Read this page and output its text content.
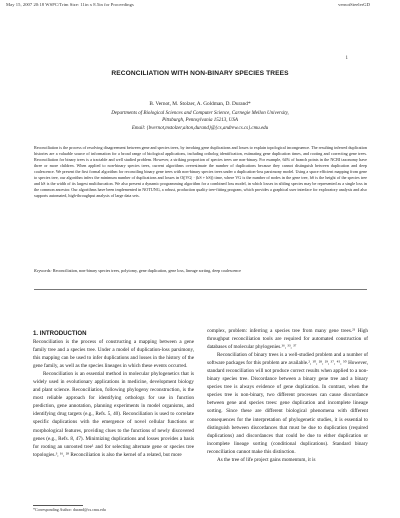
May 15, 2007 20:18 WSPC/Trim Size: 11in x 8.5in for Proceedings	vernotSteelerGD
1
RECONCILIATION WITH NON-BINARY SPECIES TREES
B. Vernot, M. Stolzer, A. Goldman, D. Durand*
Departments of Biological Sciences and Computer Science, Carnegie Mellon University,
Pittsburgh, Pennsylvania 15213, USA
Email: {bvernot,mstolzer,aiton,durand}@{cs,andrew.cs.cs}.cmu.edu
Reconciliation is the process of resolving disagreement between gene and species trees, by invoking gene duplications and losses to explain topological incongruence. The resulting inferred duplication histories are a valuable source of information for a broad range of biological applications, including ortholog identification, estimating gene duplication times, and rooting and correcting gene trees. Reconciliation for binary trees is a tractable and well studied problem. However, a striking proportion of species trees are non-binary. For example, 64% of branch points in the NCBI taxonomy have three or more children. When applied to non-binary species trees, current algorithms overestimate the number of duplications because they cannot distinguish between duplication and deep coalescence. We present the first formal algorithm for reconciling binary gene trees with non-binary species trees under a duplication-loss parsimony model. Using a space efficient mapping from gene to species tree, our algorithm infers the minimum number of duplications and losses in O(|VG| · (kS + hS)) time, where VG is the number of nodes in the gene tree, hS is the height of the species tree and kS is the width of its largest multifurcation. We also present a dynamic programming algorithm for a combined loss model, in which losses in sibling species may be represented as a single loss in the common ancestor. Our algorithms have been implemented in NOTUNG, a robust, production quality tree-fitting program, which provides a graphical user interface for exploratory analysis and also supports automated, high-throughput analysis of large data sets.
Keywords: Reconciliation, non-binary species trees, polytomy, gene duplication, gene loss, lineage sorting, deep coalescence
1. INTRODUCTION

Reconciliation is the process of constructing a mapping between a gene family tree and a species tree. Under a model of duplication-loss parsimony, this mapping can be used to infer duplications and losses in the history of the gene family, as well as the species lineages in which these events occurred.

Reconciliation is an essential method in molecular phylogenetics that is widely used in evolutionary applications in medicine, development biology and plant science. Reconciliation, following phylogeny reconstruction, is the most reliable approach for identifying orthologs for use in function prediction, gene annotation, planning experiments in model organisms, and identifying drug targets (e.g., Refs. 5, 40). Reconciliation is used to correlate specific duplications with the emergence of novel cellular functions or morphological features, providing clues to the functions of newly discovered genes (e.g., Refs. 8, 47). Minimizing duplications and losses provides a basis for rooting an unrooted tree¹ and for selecting alternate gene or species tree topologies.³, ¹⁶, ²⁸ Reconciliation is also the kernel of a related, but more

complex, problem: inferring a species tree from many gene trees.²¹ High throughput reconciliation tools are required for automated construction of databases of molecular phylogenies.¹⁶, ³³, ³⁷

Reconciliation of binary trees is a well-studied problem and a number of software packages for this problem are available.², ¹⁰, ²⁸, ²⁹, ³⁷, ⁴⁵, ⁵⁰ However, standard reconciliation will not produce correct results when applied to a non-binary species tree. Discordance between a binary gene tree and a binary species tree is always evidence of gene duplication. In contrast, when the species tree is non-binary, two different processes can cause discordance between gene and species trees: gene duplication and incomplete lineage sorting. Since these are different biological phenomena with different consequences for the interpretation of phylogenetic studies, it is essential to distinguish between discordances that must be due to duplication (required duplications) and discordances that could be due to either duplication or incomplete lineage sorting (conditional duplications). Standard binary reconciliation cannot make this distinction.

As the tree of life project gains momentum, it is

*Corresponding Author: durand@cs.cmu.edu
